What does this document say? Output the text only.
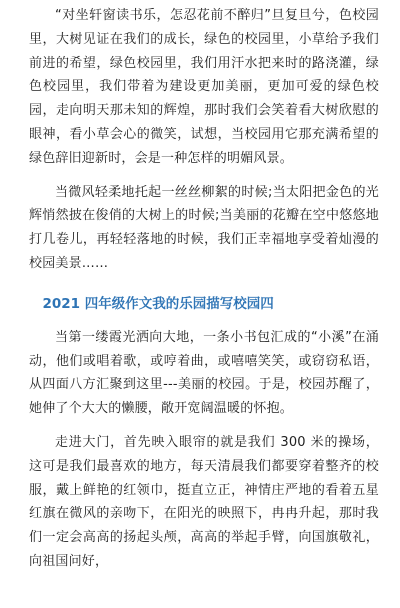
“对坐轩窗读书乐，怎忍花前不醉归”旦复旦兮，色校园里，大树见证在我们的成长，绿色的校园里，小草给予我们前进的希望，绿色校园里，我们用汗水把来时的路浇灌，绿色校园里，我们带着为建设更加美丽，更加可爱的绿色校园，走向明天那未知的辉煌，那时我们会笑着看大树欣慰的眼神，看小草会心的微笑，试想，当校园用它那充满希望的绿色辞旧迎新时，会是一种怎样的明媚风景。

当微风轻柔地托起一丝丝柳絮的时候;当太阳把金色的光辉悄然披在俊俏的大树上的时候;当美丽的花瓣在空中悠悠地打几卷儿，再轻轻落地的时候，我们正幸福地享受着灿漫的校园美景……

2021 四年级作文我的乐园描写校园四

当第一缕霞光洒向大地，一条小书包汇成的“小溪”在涌动，他们或唱着歌，或哼着曲，或嘻嘻笑笑，或窃窃私语，从四面八方汇聚到这里---美丽的校园。于是，校园苏醒了，她伸了个大大的懒腰，敞开宽阔温暖的怀抱。

走进大门，首先映入眼帘的就是我们 300 米的操场，这可是我们最喜欢的地方，每天清晨我们都要穿着整齐的校服，戴上鲜艳的红领巾，挺直立正，神情庄严地的看着五星红旗在微风的亲吻下，在阳光的映照下，冉冉升起，那时我们一定会高高的扬起头颅，高高的举起手臂，向国旗敬礼，向祖国问好，
